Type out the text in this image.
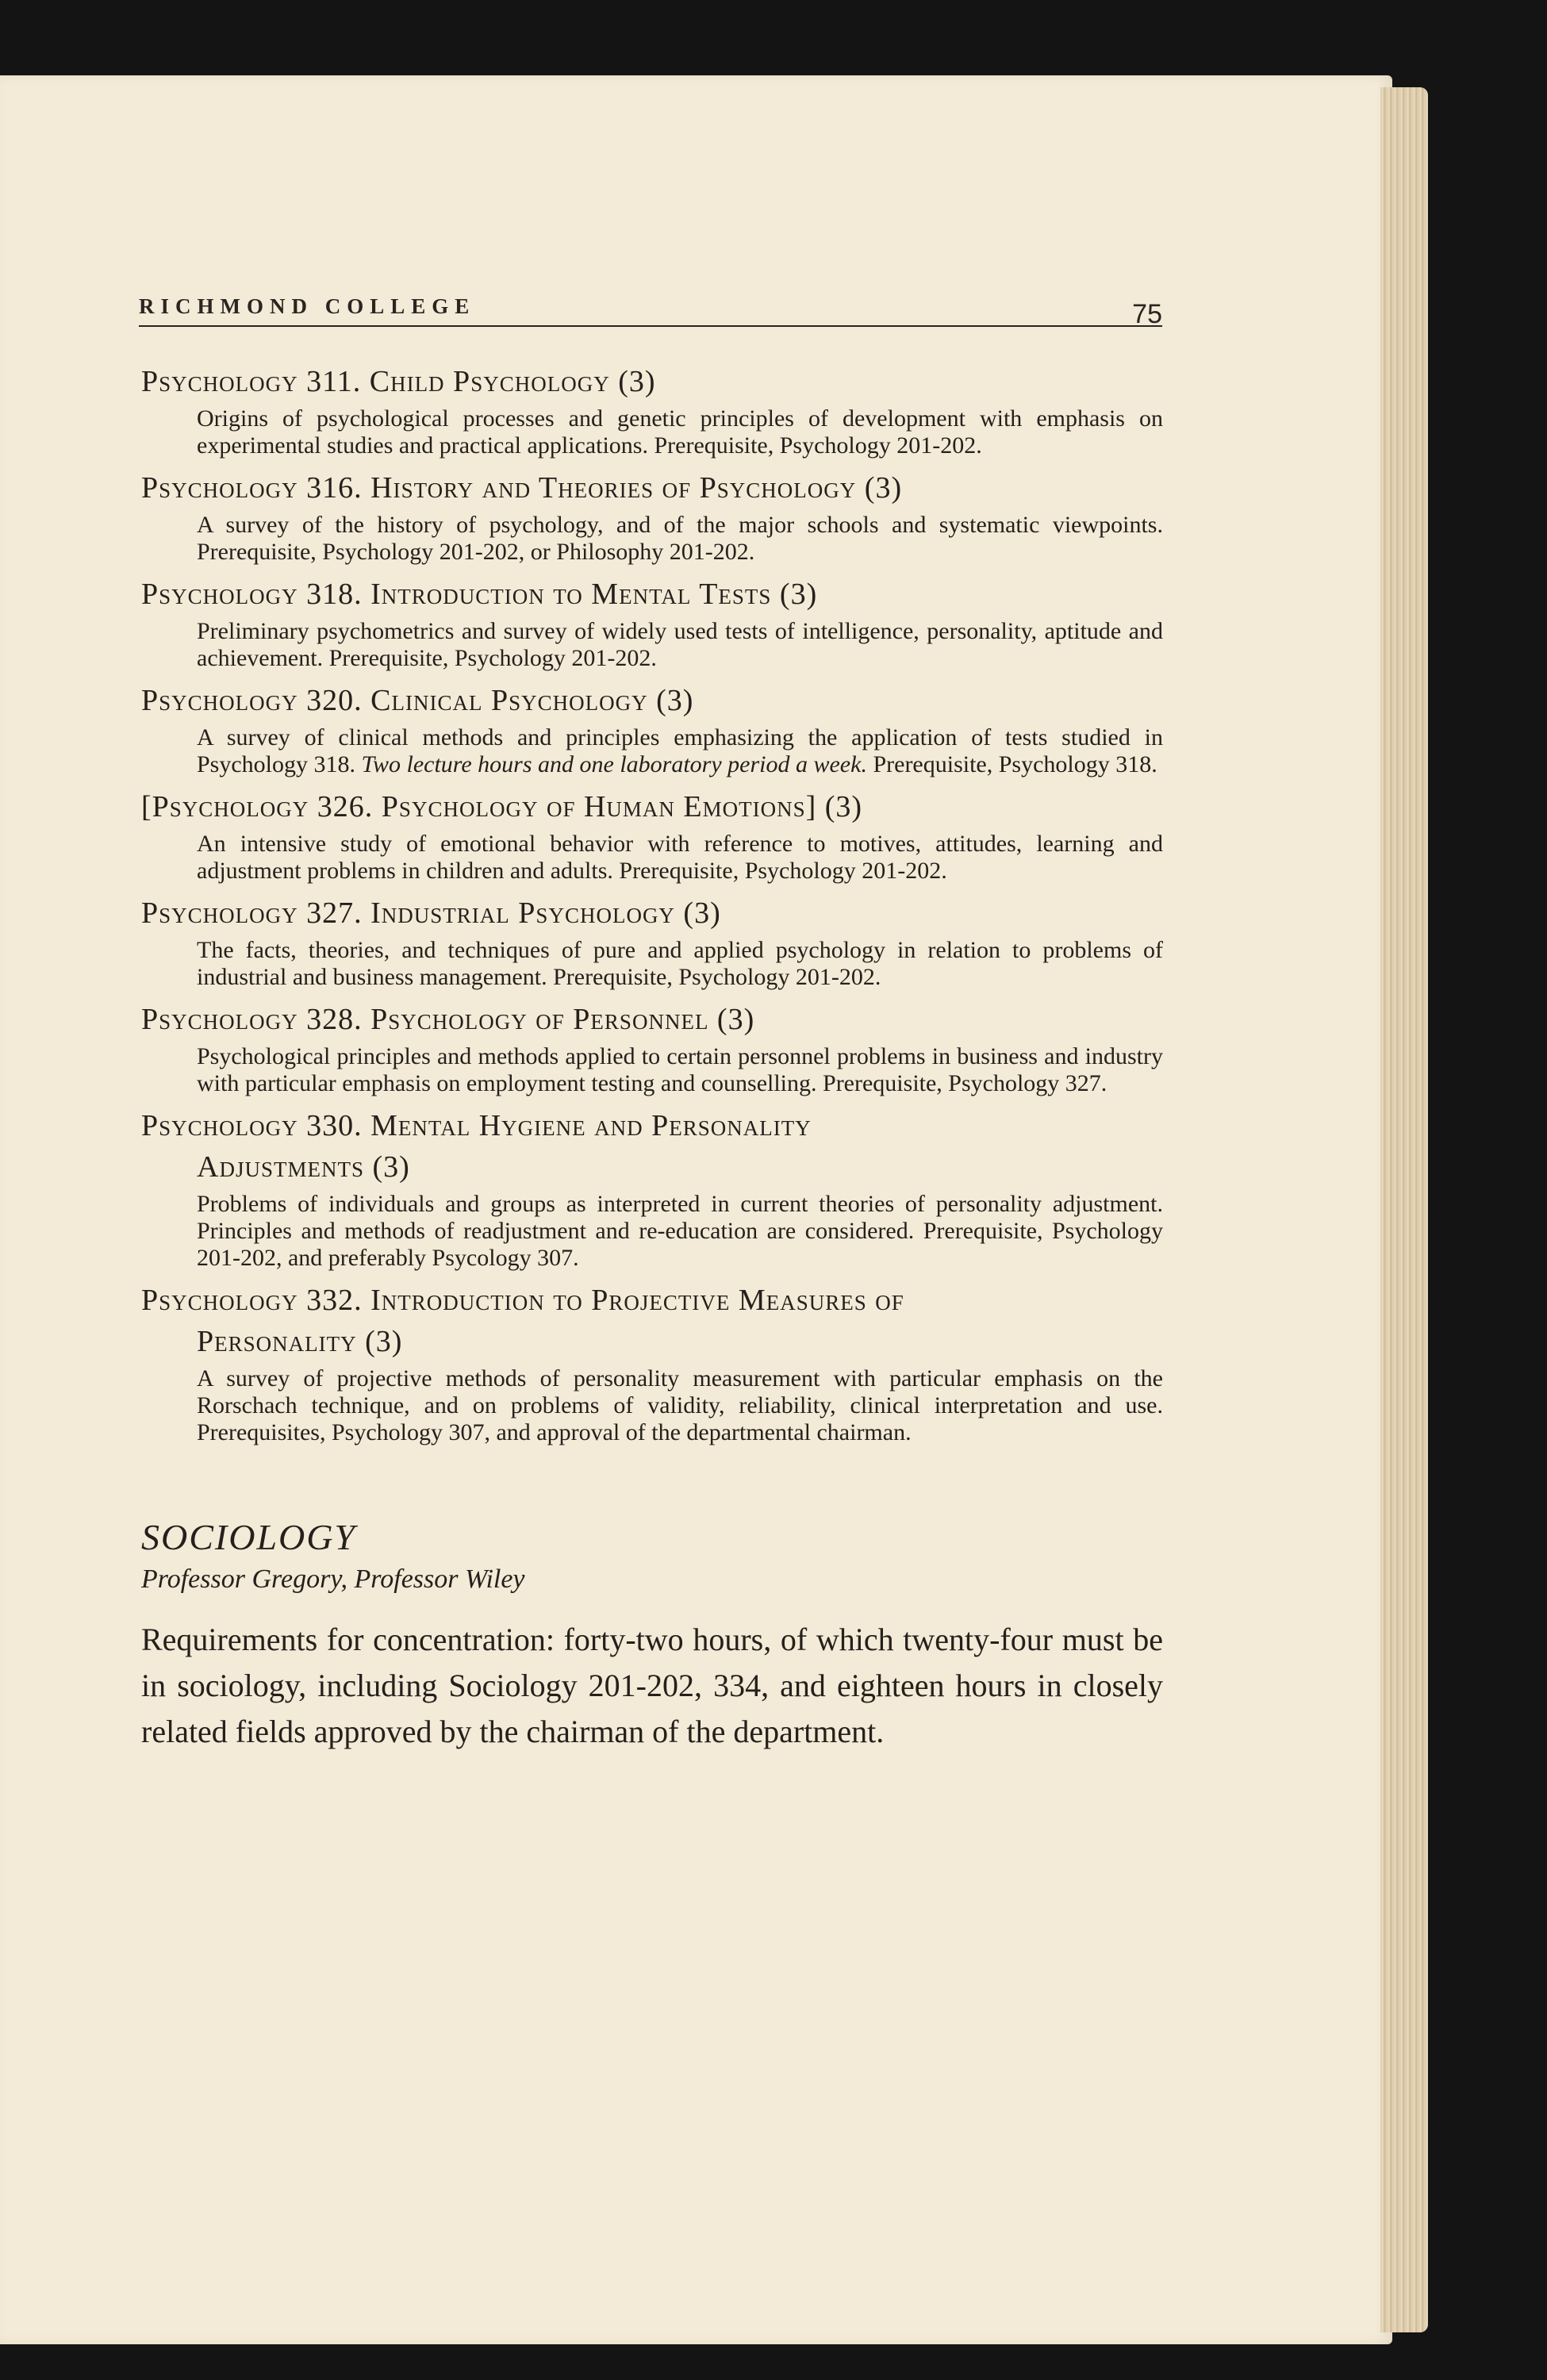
RICHMOND COLLEGE	75

Psychology 311. Child Psychology (3)

Origins of psychological processes and genetic principles of development with emphasis on experimental studies and practical applications. Prerequisite, Psychology 201-202.

Psychology 316. History and Theories of Psychology (3)

A survey of the history of psychology, and of the major schools and systematic viewpoints. Prerequisite, Psychology 201-202, or Philosophy 201-202.

Psychology 318. Introduction to Mental Tests (3)

Preliminary psychometrics and survey of widely used tests of intelligence, personality, aptitude and achievement. Prerequisite, Psychology 201-202.

Psychology 320. Clinical Psychology (3)

A survey of clinical methods and principles emphasizing the application of tests studied in Psychology 318. Two lecture hours and one laboratory period a week. Prerequisite, Psychology 318.

[Psychology 326. Psychology of Human Emotions] (3)

An intensive study of emotional behavior with reference to motives, attitudes, learning and adjustment problems in children and adults. Prerequisite, Psychology 201-202.

Psychology 327. Industrial Psychology (3)

The facts, theories, and techniques of pure and applied psychology in relation to problems of industrial and business management. Prerequisite, Psychology 201-202.

Psychology 328. Psychology of Personnel (3)

Psychological principles and methods applied to certain personnel problems in business and industry with particular emphasis on employment testing and counselling. Prerequisite, Psychology 327.

Psychology 330. Mental Hygiene and Personality
Adjustments (3)

Problems of individuals and groups as interpreted in current theories of personality adjustment. Principles and methods of readjustment and re-education are considered. Prerequisite, Psychology 201-202, and preferably Psycology 307.

Psychology 332. Introduction to Projective Measures of
Personality (3)

A survey of projective methods of personality measurement with particular emphasis on the Rorschach technique, and on problems of validity, reliability, clinical interpretation and use. Prerequisites, Psychology 307, and approval of the departmental chairman.

SOCIOLOGY
Professor Gregory, Professor Wiley

Requirements for concentration: forty-two hours, of which twenty-four must be in sociology, including Sociology 201-202, 334, and eighteen hours in closely related fields approved by the chairman of the department.
